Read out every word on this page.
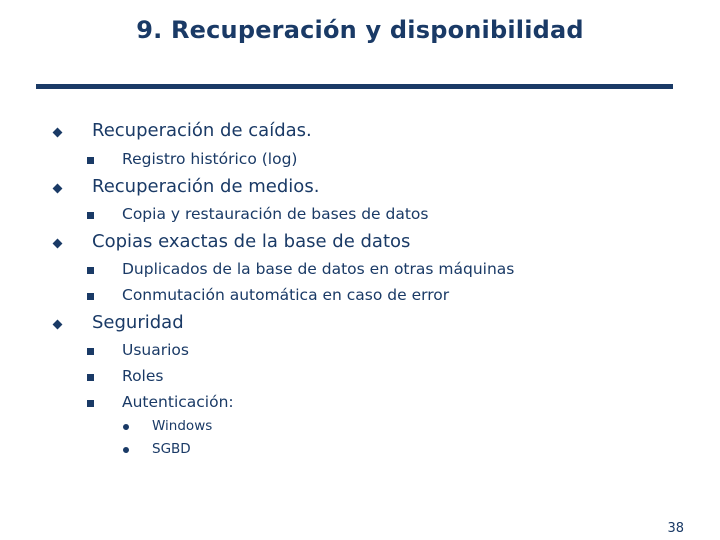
9. Recuperación y disponibilidad
Recuperación de caídas.
Registro histórico (log)
Recuperación de medios.
Copia y restauración de bases de datos
Copias exactas de la base de datos
Duplicados de la base de datos en otras máquinas
Conmutación automática en caso de error
Seguridad
Usuarios
Roles
Autenticación:
Windows
SGBD
38
